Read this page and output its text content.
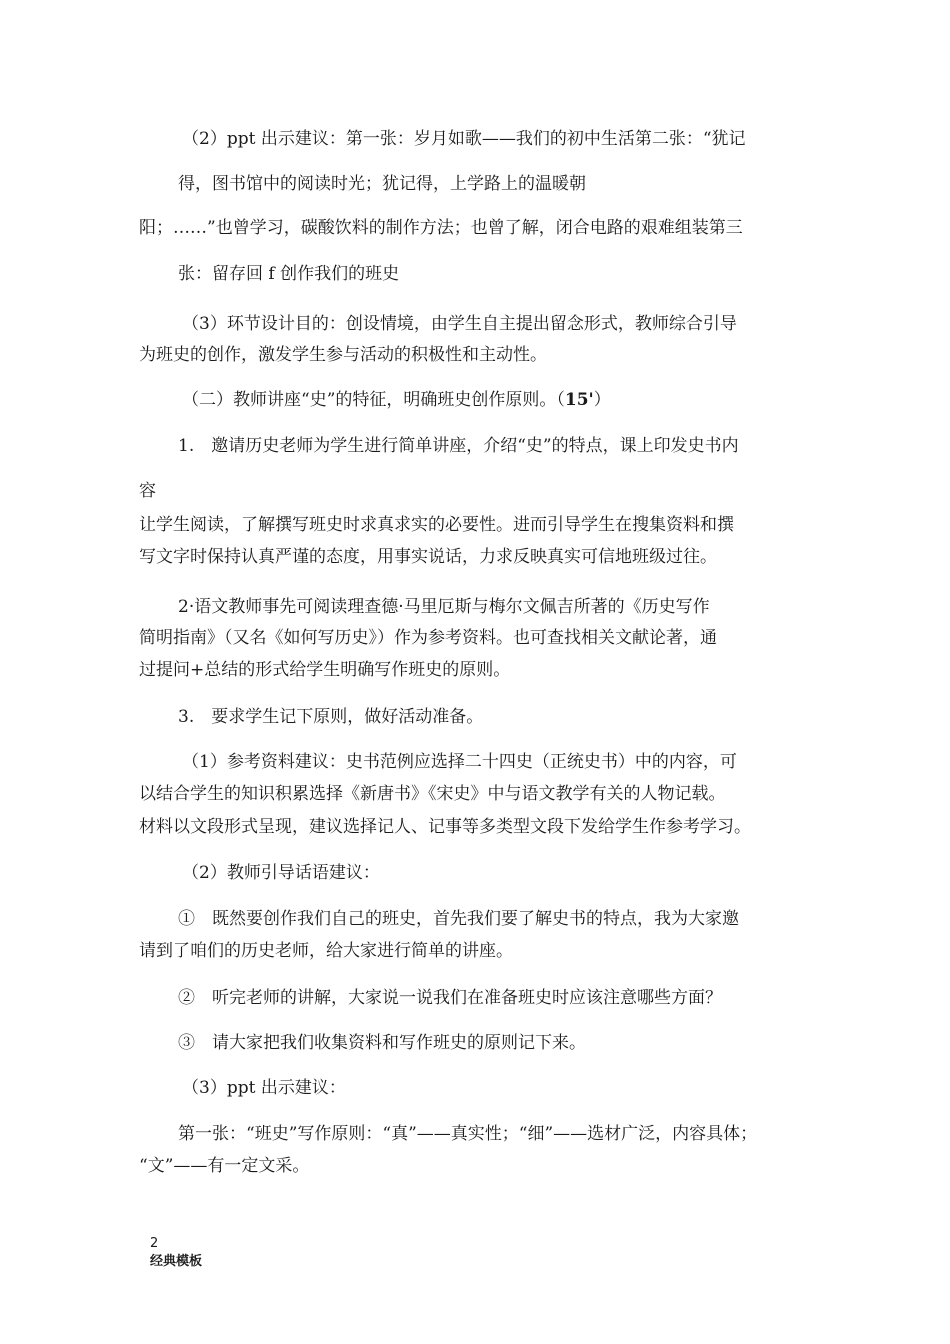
（2）ppt 出示建议：第一张：岁月如歌——我们的初中生活第二张：“犹记
得，图书馆中的阅读时光；犹记得，上学路上的温暖朝
阳；……”也曾学习，碳酸饮料的制作方法；也曾了解，闭合电路的艰难组装第三
张：留存回 f 创作我们的班史
（3）环节设计目的：创设情境，由学生自主提出留念形式，教师综合引导
为班史的创作，激发学生参与活动的积极性和主动性。
（二）教师讲座“史”的特征，明确班史创作原则。（15'）
1.　邀请历史老师为学生进行简单讲座，介绍“史”的特点，课上印发史书内
容
让学生阅读，了解撰写班史时求真求实的必要性。进而引导学生在搜集资料和撰
写文字时保持认真严谨的态度，用事实说话，力求反映真实可信地班级过往。
2·语文教师事先可阅读理查德·马里厄斯与梅尔文佩吉所著的《历史写作
简明指南》（又名《如何写历史》）作为参考资料。也可查找相关文献论著，通
过提问+总结的形式给学生明确写作班史的原则。
3.　要求学生记下原则，做好活动准备。
（1）参考资料建议：史书范例应选择二十四史（正统史书）中的内容，可
以结合学生的知识积累选择《新唐书》《宋史》中与语文教学有关的人物记载。
材料以文段形式呈现，建议选择记人、记事等多类型文段下发给学生作参考学习。
（2）教师引导话语建议：
①　既然要创作我们自己的班史，首先我们要了解史书的特点，我为大家邀
请到了咱们的历史老师，给大家进行简单的讲座。
②　听完老师的讲解，大家说一说我们在准备班史时应该注意哪些方面？
③　请大家把我们收集资料和写作班史的原则记下来。
（3）ppt 出示建议：
第一张：“班史”写作原则：“真”——真实性；“细”——选材广泛，内容具体；
“文”——有一定文采。
2
经典模板
